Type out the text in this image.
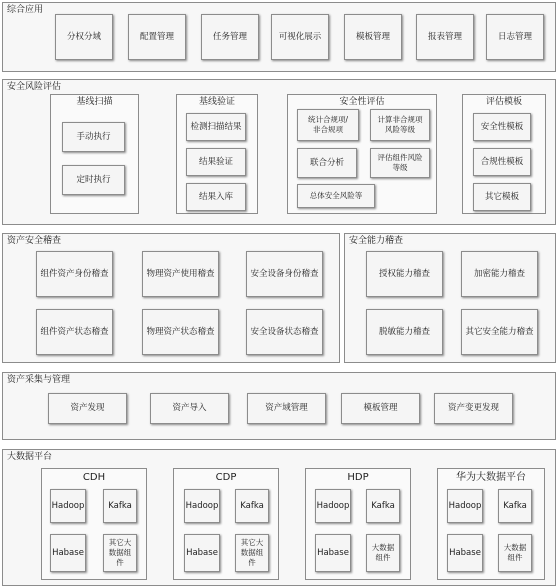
综合应用
分权分域	配置管理	任务管理	可视化展示	模板管理	报表管理	日志管理
安全风险评估
基线扫描
手动执行
定时执行
基线验证
检测扫描结果
结果验证
结果入库
安全性评估
统计合规项/
非合规项
计算非合规项
风险等级
联合分析	评估组件风险
等级
总体安全风险等
评估模板
安全性模板
合规性模板
其它模板
资产安全稽查
组件资产身份稽查	物理资产使用稽查	安全设备身份稽查
组件资产状态稽查	物理资产状态稽查	安全设备状态稽查
安全能力稽查
授权能力稽查	加密能力稽查
脱敏能力稽查	其它安全能力稽查
资产采集与管理
资产发现	资产导入	资产域管理	模板管理	资产变更发现
大数据平台
CDH
Hadoop	Kafka
Habase
其它大
数据组
件
CDP
Hadoop	Kafka
Habase
其它大
数据组
件
HDP
Hadoop	Kafka
Habase	大数据
组件
华为大数据平台
Hadoop	Kafka
Habase	大数据
组件
